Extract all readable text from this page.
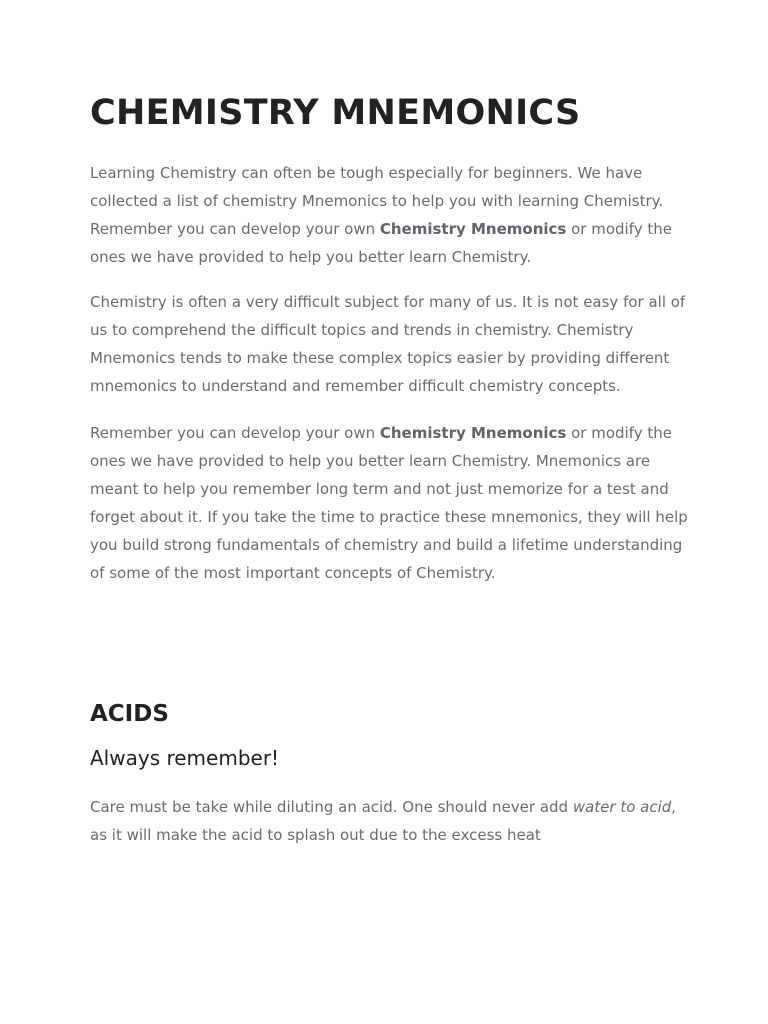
CHEMISTRY MNEMONICS

Learning Chemistry can often be tough especially for beginners. We have collected a list of chemistry Mnemonics to help you with learning Chemistry. Remember you can develop your own Chemistry Mnemonics or modify the ones we have provided to help you better learn Chemistry.

Chemistry is often a very difficult subject for many of us. It is not easy for all of us to comprehend the difficult topics and trends in chemistry. Chemistry Mnemonics tends to make these complex topics easier by providing different mnemonics to understand and remember difficult chemistry concepts.

Remember you can develop your own Chemistry Mnemonics or modify the ones we have provided to help you better learn Chemistry. Mnemonics are meant to help you remember long term and not just memorize for a test and forget about it. If you take the time to practice these mnemonics, they will help you build strong fundamentals of chemistry and build a lifetime understanding of some of the most important concepts of Chemistry.

ACIDS
Always remember!

Care must be take while diluting an acid. One should never add water to acid, as it will make the acid to splash out due to the excess heat
